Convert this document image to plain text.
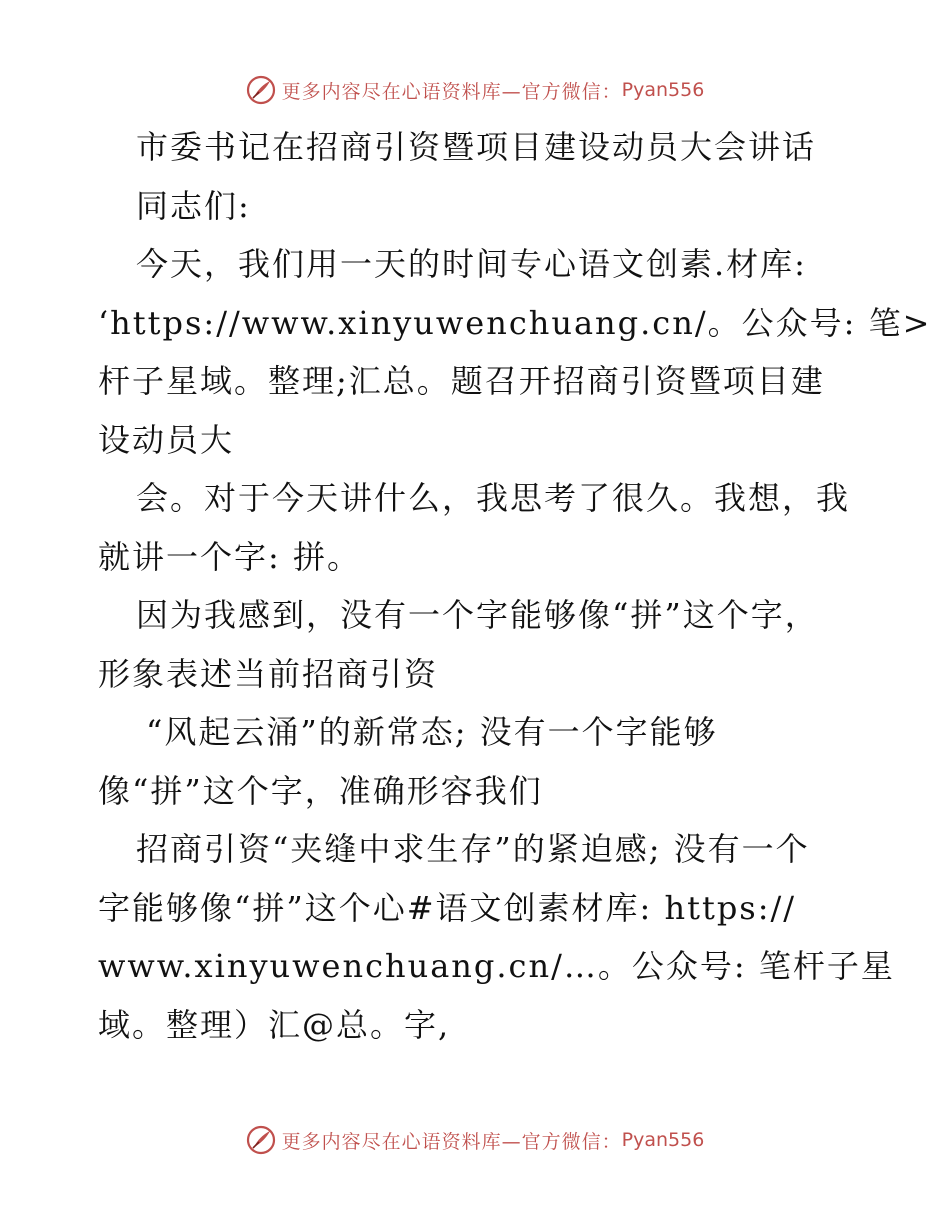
更多内容尽在心语资料库—官方微信： Pyan556
市委书记在招商引资暨项目建设动员大会讲话
同志们:
今天，我们用一天的时间专心语文创素.材库:
‘https://www.xinyuwenchuang.cn/。公众号: 笔>
杆子星域。整理;汇总。题召开招商引资暨项目建
设动员大
会。对于今天讲什么，我思考了很久。我想，我
就讲一个字: 拼。
因为我感到，没有一个字能够像“拼”这个字，
形象表述当前招商引资
“风起云涌”的新常态; 没有一个字能够
像“拼”这个字，准确形容我们
招商引资“夹缝中求生存”的紧迫感; 没有一个
字能够像“拼”这个心#语文创素材库: https://
www.xinyuwenchuang.cn/…。公众号: 笔杆子星
域。整理）汇@总。字,
更多内容尽在心语资料库—官方微信： Pyan556
